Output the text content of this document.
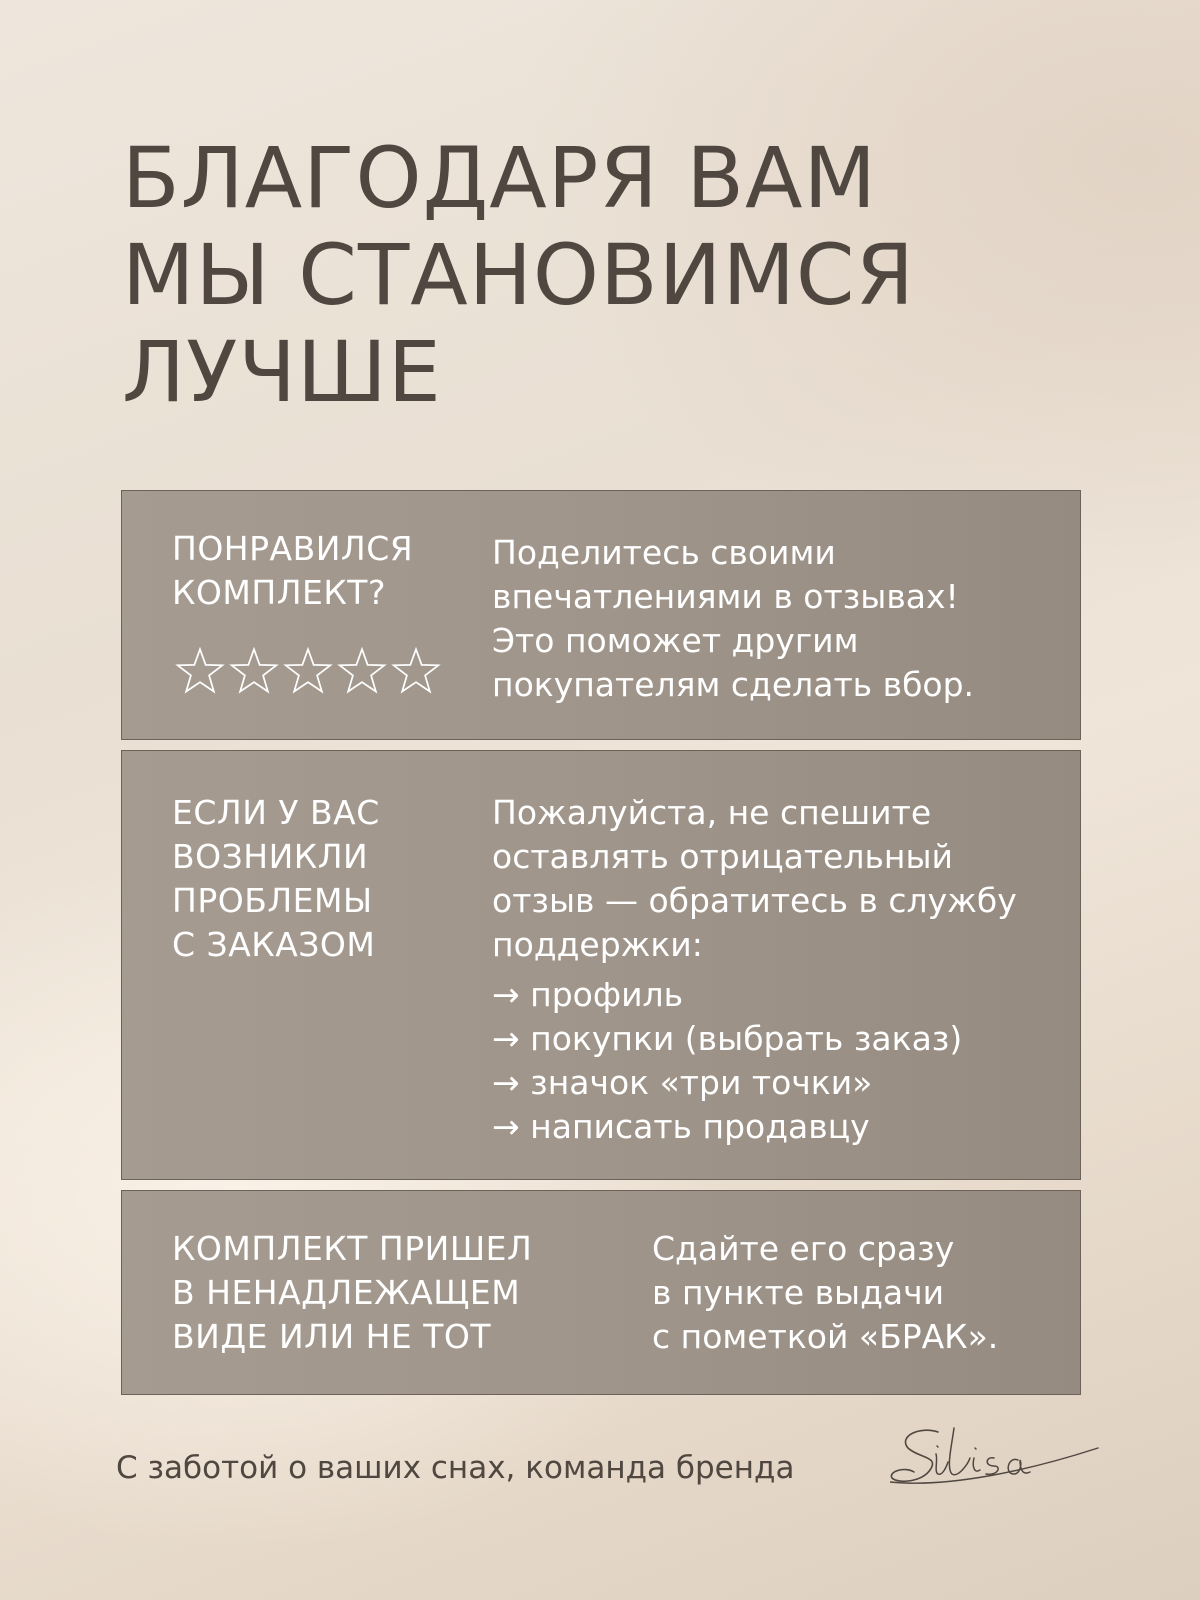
БЛАГОДАРЯ ВАМ
МЫ СТАНОВИМСЯ
ЛУЧШЕ
ПОНРАВИЛСЯ
КОМПЛЕКТ?
Поделитесь своими
впечатлениями в отзывах!
Это поможет другим
покупателям сделать вбор.
ЕСЛИ У ВАС
ВОЗНИКЛИ
ПРОБЛЕМЫ
С ЗАКАЗОМ
Пожалуйста, не спешите
оставлять отрицательный
отзыв — обратитесь в службу
поддержки:
→ профиль
→ покупки (выбрать заказ)
→ значок «три точки»
→ написать продавцу
КОМПЛЕКТ ПРИШЕЛ
В НЕНАДЛЕЖАЩЕМ
ВИДЕ ИЛИ НЕ ТОТ
Сдайте его сразу
в пункте выдачи
с пометкой «БРАК».
С заботой о ваших снах, команда бренда
